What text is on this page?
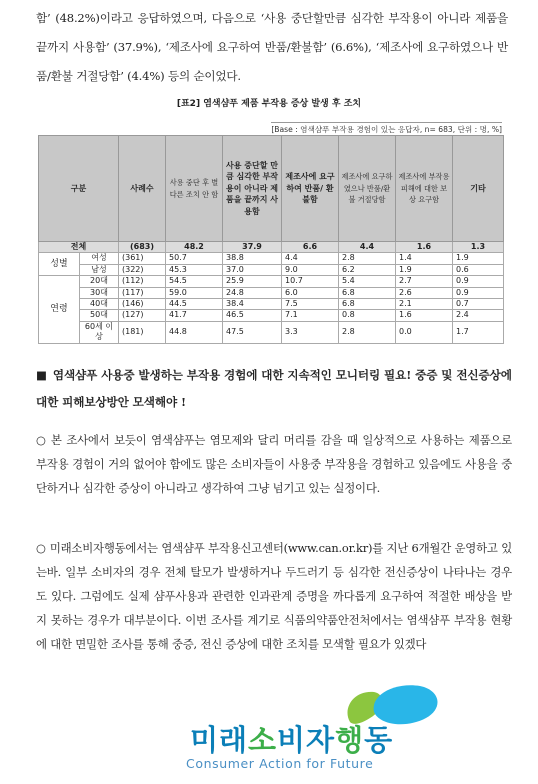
함’ (48.2%)이라고 응답하였으며, 다음으로 ‘사용 중단할만큼 심각한 부작용이 아니라 제품을 끝까지 사용함’ (37.9%), ‘제조사에 요구하여 반품/환불함’ (6.6%), ‘제조사에 요구하였으나 반품/환불 거절당함’ (4.4%) 등의 순이었다.
[표2] 염색샴푸 제품 부작용 증상 발생 후 조치
[Base : 염색샴푸 부작용 경험이 있는 응답자, n= 683, 단위 : 명, %]
구분		사례수	사용 중단 후 별다른 조치 안 함	사용 중단할 만큼 심각한 부작용이 아니라 제품을 끝까지 사용함	제조사에 요구하여 반품/ 환불함	제조사에 요구하였으나 반품/환불 거절당함	제조사에 부작용 피해에 대한 보상 요구함	기타
전체		(683)	48.2	37.9	6.6	4.4	1.6	1.3
성별	여성	(361)	50.7	38.8	4.4	2.8	1.4	1.9
	남성	(322)	45.3	37.0	9.0	6.2	1.9	0.6
연령	20대	(112)	54.5	25.9	10.7	5.4	2.7	0.9
	30대	(117)	59.0	24.8	6.0	6.8	2.6	0.9
	40대	(146)	44.5	38.4	7.5	6.8	2.1	0.7
	50대	(127)	41.7	46.5	7.1	0.8	1.6	2.4
	60세 이상	(181)	44.8	47.5	3.3	2.8	0.0	1.7
■ 염색샴푸 사용중 발생하는 부작용 경험에 대한 지속적인 모니터링 필요! 중증 및 전신증상에 대한 피해보상방안 모색해야 !
○ 본 조사에서 보듯이 염색샴푸는 염모제와 달리 머리를 감을 때 일상적으로 사용하는 제품으로 부작용 경험이 거의 없어야 함에도 많은 소비자들이 사용중 부작용을 경험하고 있음에도 사용을 중단하거나 심각한 증상이 아니라고 생각하여 그냥 넘기고 있는 실정이다.
○ 미래소비자행동에서는 염색샴푸 부작용신고센터(www.can.or.kr)를 지난 6개월간 운영하고 있는바. 일부 소비자의 경우 전체 탈모가 발생하거나 두드러기 등 심각한 전신증상이 나타나는 경우도 있다. 그럼에도 실제 샴푸사용과 관련한 인과관계 증명을 까다롭게 요구하여 적절한 배상을 받지 못하는 경우가 대부분이다. 이번 조사를 계기로 식품의약품안전처에서는 염색샴푸 부작용 현황에 대한 면밀한 조사를 통해 중증, 전신 증상에 대한 조치를 모색할 필요가 있겠다
미래소비자행동
Consumer Action for Future
